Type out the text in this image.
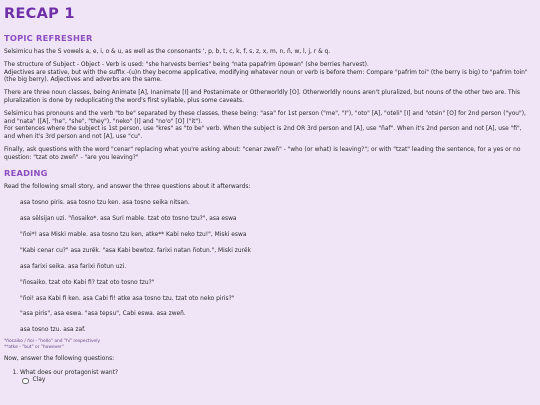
RECAP 1
TOPIC REFRESHER

Selsimicu has the S vowels a, e, i, o & u, as well as the consonants ', p, b, t, c, k, f, s, z, x, m, n, ñ, w, l, j, r & q.

The structure of Subject - Object - Verb is used: "she harvests berries" being "nata papafrim ūpowan" (she berries harvest).

Adjectives are stative, but with the suffix -(u)n they become applicative, modifying whatever noun or verb is before them: Compare "pafrim toi" (the berry is big) to "pafrim toin" (the big berry). Adjectives and adverbs are the same.

There are three noun classes, being Animate [A], Inanimate [I] and Postanimate or Otherworldly [O]. Otherworldly nouns aren't pluralized, but nouns of the other two are. This pluralization is done by reduplicating the word's first syllable, plus some caveats.

Selsimicu has pronouns and the verb "to be" separated by these classes, these being: "asa" for 1st person ("me", "I"), "oto" [A], "oteli" [I] and "otsin" [O] for 2nd person ("you"), and "nata" ([A], "he", "she", "they"), "neko" [I] and "no'o" [O] ("it").

For sentences where the subject is 1st person, use "kres" as "to be" verb. When the subject is 2nd OR 3rd person and [A], use "ñaf". When it's 2nd person and not [A], use "fi", and when it's 3rd person and not [A], use "cu".

Finally, ask questions with the word "cenar" replacing what you're asking about: "cenar zweñ" - "who (or what) is leaving?"; or with "tzat" leading the sentence, for a yes or no question: "tzat oto zweñ" - "are you leaving?"

READING

Read the following small story, and answer the three questions about it afterwards:

asa tosno piris. asa tosno tzu ken. asa tosno seika nitsan.

asa sëlsijan uzi. "ñosaiko*. asa Suri mable. tzat oto tosno tzu?", asa eswa

"ñoi*! asa Miski mable. asa tosno tzu ken, atke** Kabi neko tzu!", Miski eswa

"Kabi cenar cu?" asa zurëk. "asa Kabi bewtoz. farixi natan ñotun.", Miski zurëk

asa farixi seika. asa farixi ñotun uzi.

"ñosaiko. tzat oto Kabi fi? tzat oto tosno tzu?"

"ñoi! asa Kabi fi ken. asa Cabi fi! atke asa tosno tzu. tzat oto neko piris?"

"asa piris", asa eswa. "asa tepsu", Cabi eswa. asa zweñ.

asa tosno tzu. asa zaf.

*ñosaiko / ñoi - "hello" and "hi" respectively
**atke - "but" or "however"

Now, answer the following questions:

1. What does our protagonist want?
Clay
